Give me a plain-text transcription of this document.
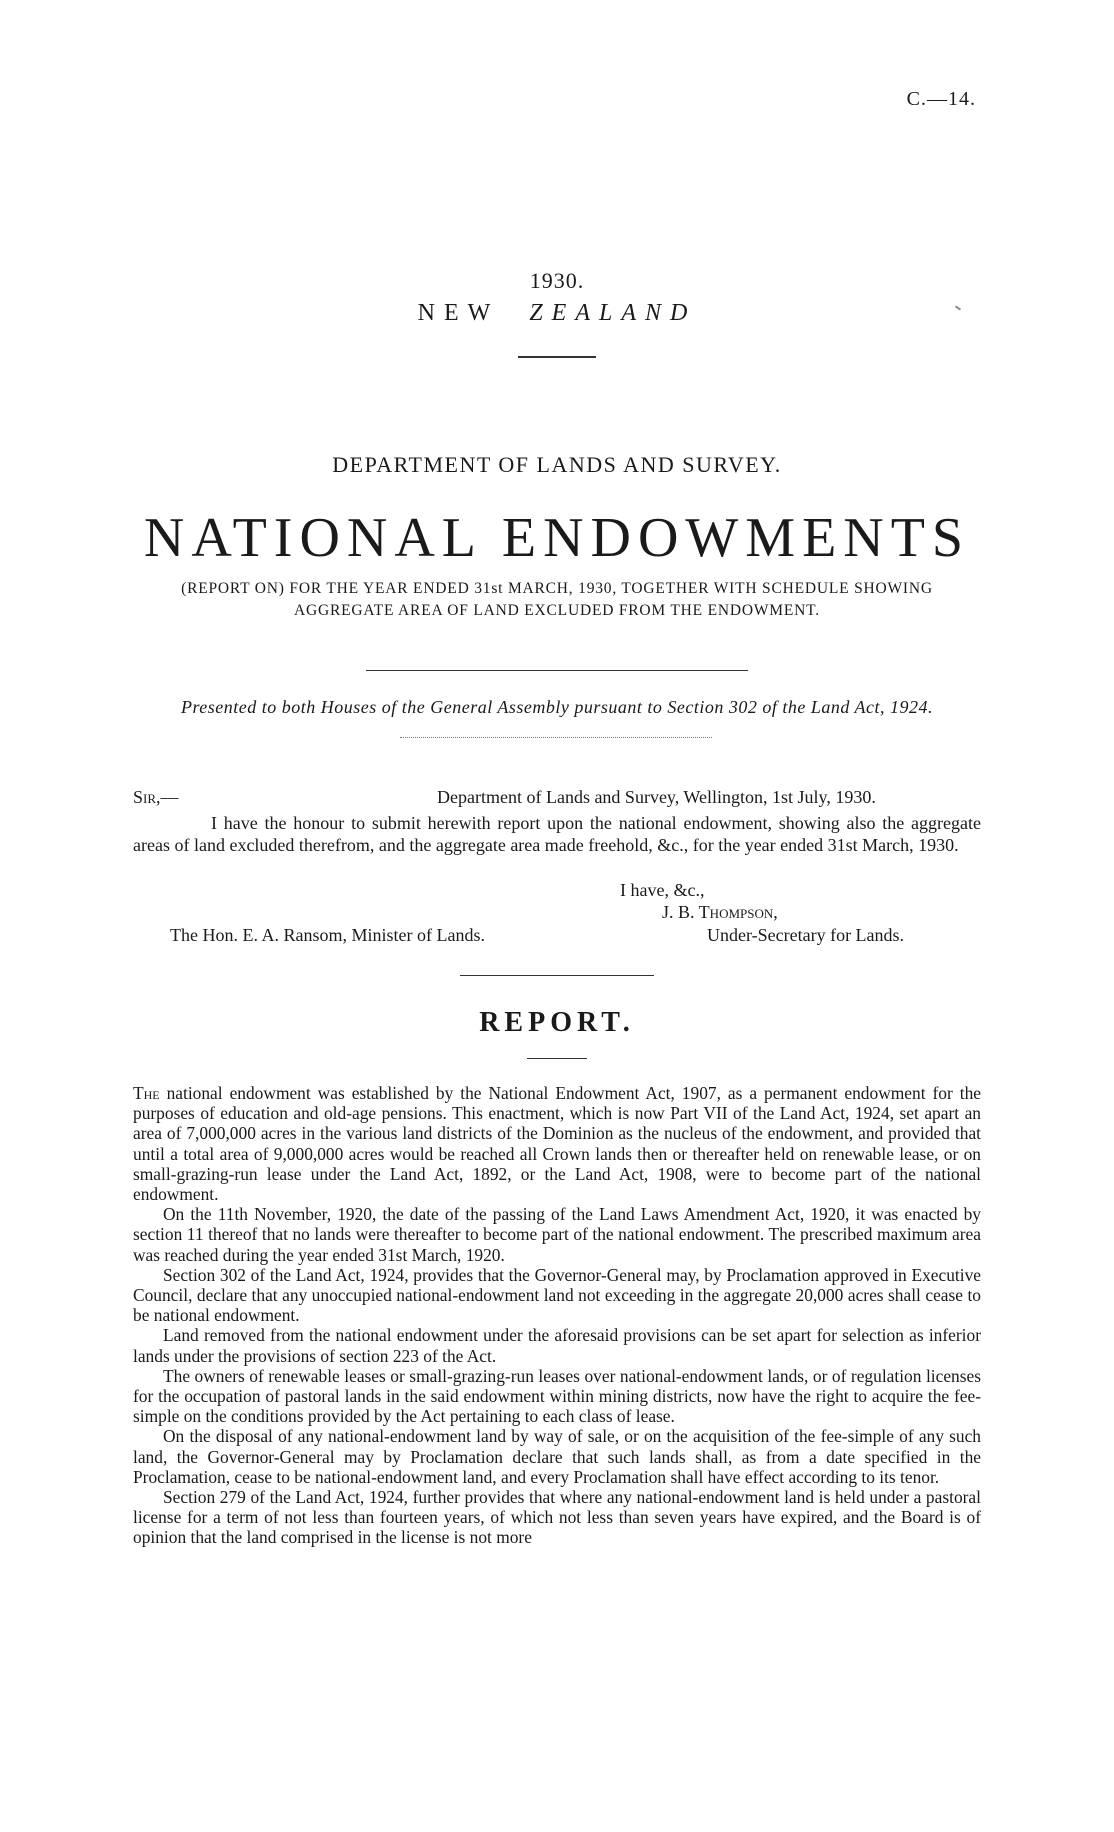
C.—14.
1930.
NEW ZEALAND
DEPARTMENT OF LANDS AND SURVEY.
NATIONAL ENDOWMENTS
(REPORT ON) FOR THE YEAR ENDED 31st MARCH, 1930, TOGETHER WITH SCHEDULE SHOWING
AGGREGATE AREA OF LAND EXCLUDED FROM THE ENDOWMENT.
Presented to both Houses of the General Assembly pursuant to Section 302 of the Land Act, 1924.
Sir,—	Department of Lands and Survey, Wellington, 1st July, 1930.

I have the honour to submit herewith report upon the national endowment, showing also the aggregate areas of land excluded therefrom, and the aggregate area made freehold, &c., for the year ended 31st March, 1930.

I have, &c.,
J. B. Thompson,
The Hon. E. A. Ransom, Minister of Lands.	Under-Secretary for Lands.
REPORT.

The national endowment was established by the National Endowment Act, 1907, as a permanent endowment for the purposes of education and old-age pensions. This enactment, which is now Part VII of the Land Act, 1924, set apart an area of 7,000,000 acres in the various land districts of the Dominion as the nucleus of the endowment, and provided that until a total area of 9,000,000 acres would be reached all Crown lands then or thereafter held on renewable lease, or on small-grazing-run lease under the Land Act, 1892, or the Land Act, 1908, were to become part of the national endowment.

On the 11th November, 1920, the date of the passing of the Land Laws Amendment Act, 1920, it was enacted by section 11 thereof that no lands were thereafter to become part of the national endowment. The prescribed maximum area was reached during the year ended 31st March, 1920.

Section 302 of the Land Act, 1924, provides that the Governor-General may, by Proclamation approved in Executive Council, declare that any unoccupied national-endowment land not exceeding in the aggregate 20,000 acres shall cease to be national endowment.

Land removed from the national endowment under the aforesaid provisions can be set apart for selection as inferior lands under the provisions of section 223 of the Act.

The owners of renewable leases or small-grazing-run leases over national-endowment lands, or of regulation licenses for the occupation of pastoral lands in the said endowment within mining districts, now have the right to acquire the fee-simple on the conditions provided by the Act pertaining to each class of lease.

On the disposal of any national-endowment land by way of sale, or on the acquisition of the fee-simple of any such land, the Governor-General may by Proclamation declare that such lands shall, as from a date specified in the Proclamation, cease to be national-endowment land, and every Proclamation shall have effect according to its tenor.

Section 279 of the Land Act, 1924, further provides that where any national-endowment land is held under a pastoral license for a term of not less than fourteen years, of which not less than seven years have expired, and the Board is of opinion that the land comprised in the license is not more
